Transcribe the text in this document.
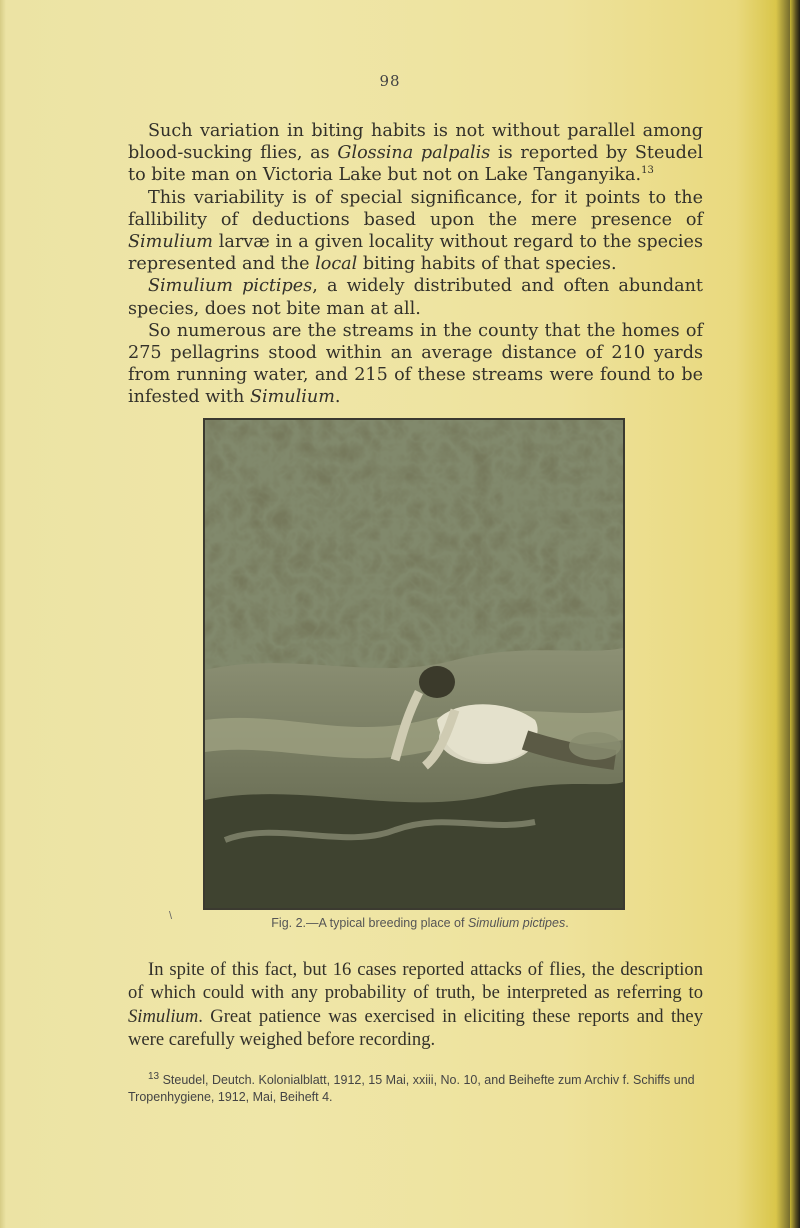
98

Such variation in biting habits is not without parallel among blood-sucking flies, as Glossina palpalis is reported by Steudel to bite man on Victoria Lake but not on Lake Tanganyika.$^{13}$

This variability is of special significance, for it points to the fallibility of deductions based upon the mere presence of Simulium larvæ in a given locality without regard to the species represented and the local biting habits of that species.

Simulium pictipes, a widely distributed and often abundant species, does not bite man at all.

So numerous are the streams in the county that the homes of 275 pellagrins stood within an average distance of 210 yards from running water, and 215 of these streams were found to be infested with Simulium.

\	Fig. 2.—A typical breeding place of Simulium pictipes.

In spite of this fact, but 16 cases reported attacks of flies, the description of which could with any probability of truth, be interpreted as referring to Simulium. Great patience was exercised in eliciting these reports and they were carefully weighed before recording.

$^{13}$ Steudel, Deutch. Kolonialblatt, 1912, 15 Mai, xxiii, No. 10, and Beihefte zum Archiv f. Schiffs und Tropenhygiene, 1912, Mai, Beiheft 4.
